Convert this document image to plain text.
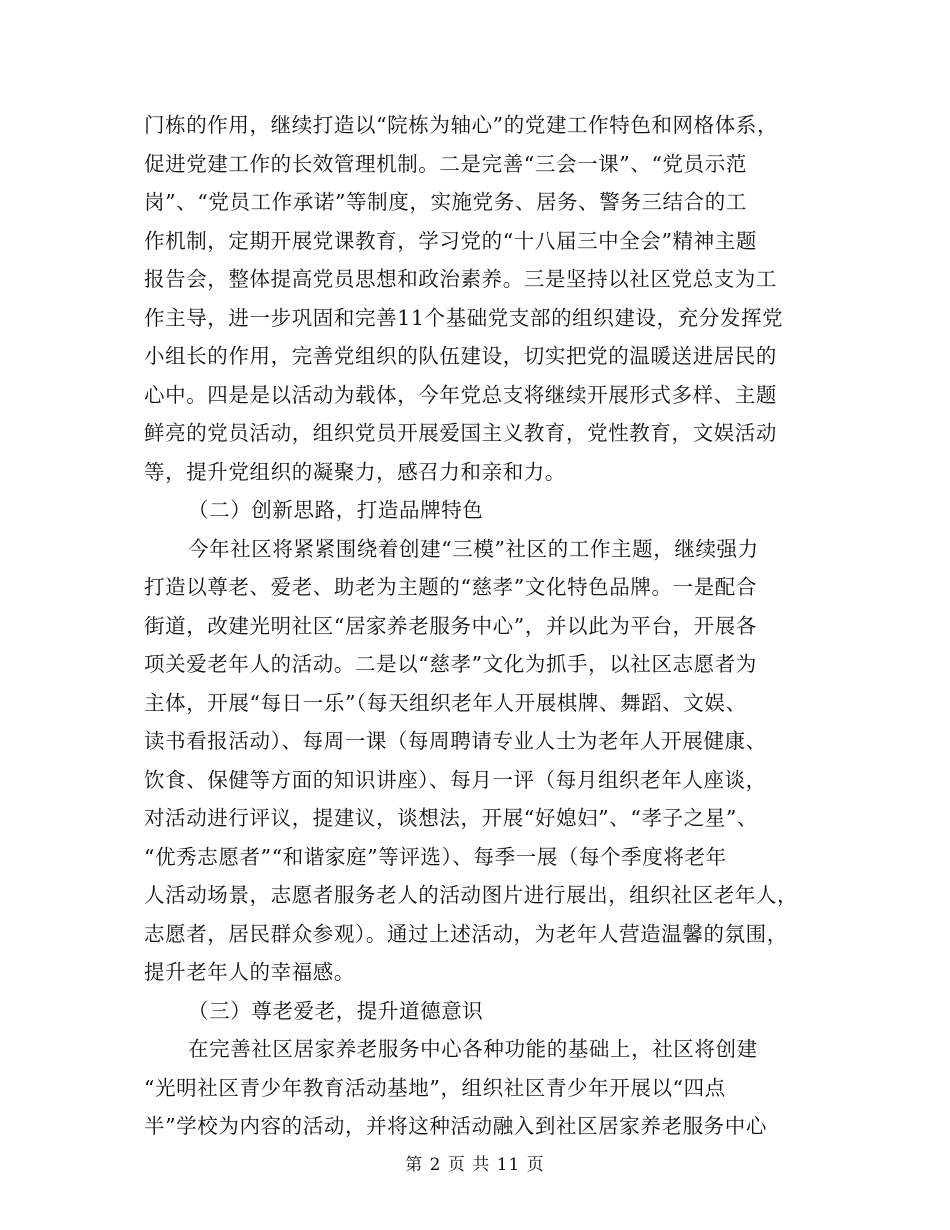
门栋的作用，继续打造以“院栋为轴心”的党建工作特色和网格体系，
促进党建工作的长效管理机制。二是完善“三会一课”、“党员示范
岗”、“党员工作承诺”等制度，实施党务、居务、警务三结合的工
作机制，定期开展党课教育，学习党的“十八届三中全会”精神主题
报告会，整体提高党员思想和政治素养。三是坚持以社区党总支为工
作主导，进一步巩固和完善11个基础党支部的组织建设，充分发挥党
小组长的作用，完善党组织的队伍建设，切实把党的温暖送进居民的
心中。四是是以活动为载体，今年党总支将继续开展形式多样、主题
鲜亮的党员活动，组织党员开展爱国主义教育，党性教育，文娱活动
等，提升党组织的凝聚力，感召力和亲和力。
（二）创新思路，打造品牌特色
今年社区将紧紧围绕着创建“三模”社区的工作主题，继续强力
打造以尊老、爱老、助老为主题的“慈孝”文化特色品牌。一是配合
街道，改建光明社区“居家养老服务中心”，并以此为平台，开展各
项关爱老年人的活动。二是以“慈孝”文化为抓手，以社区志愿者为
主体，开展“每日一乐”（每天组织老年人开展棋牌、舞蹈、文娱、
读书看报活动）、每周一课（每周聘请专业人士为老年人开展健康、
饮食、保健等方面的知识讲座）、每月一评（每月组织老年人座谈，
对活动进行评议，提建议，谈想法，开展“好媳妇”、“孝子之星”、
“优秀志愿者”“和谐家庭”等评选）、每季一展（每个季度将老年
人活动场景，志愿者服务老人的活动图片进行展出，组织社区老年人，
志愿者，居民群众参观）。通过上述活动，为老年人营造温馨的氛围，
提升老年人的幸福感。
（三）尊老爱老，提升道德意识
在完善社区居家养老服务中心各种功能的基础上，社区将创建
“光明社区青少年教育活动基地”，组织社区青少年开展以“四点
半”学校为内容的活动，并将这种活动融入到社区居家养老服务中心
第 2 页 共 11 页
